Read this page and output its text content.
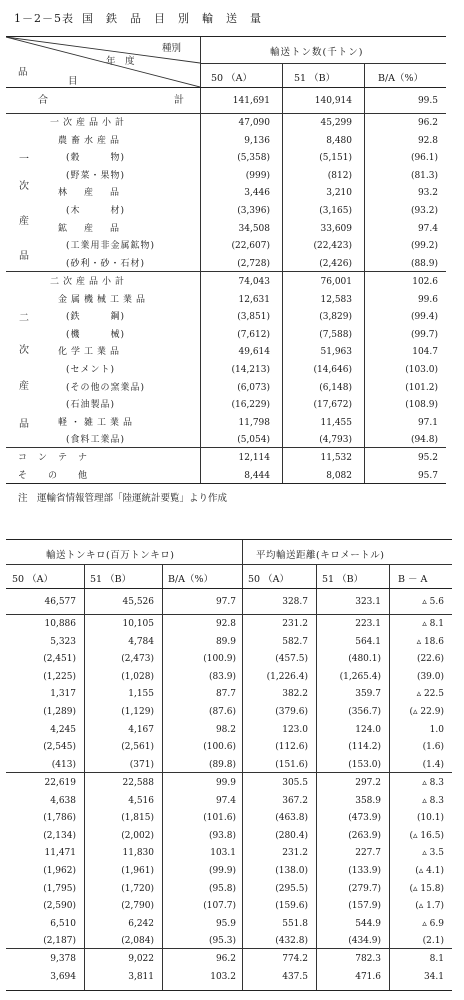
1－2－5表 国鉄品目別輸送量
種別
年　度
品
目
輸送トン数(千トン)
50 （A）	51 （B）	B/A（%）
合	計	141,691	140,914	99.5
一
次
産
品
二
次
産
品
一次産品小計	47,090	45,299	96.2
農畜水産品	9,136	8,480	92.8
(穀　　　物)	(5,358)	(5,151)	(96.1)
(野菜・果物)	(999)	(812)	(81.3)
林　産　品	3,446	3,210	93.2
(木　　　材)	(3,396)	(3,165)	(93.2)
鉱　産　品	34,508	33,609	97.4
(工業用非金属鉱物)	(22,607)	(22,423)	(99.2)
(砂利・砂・石材)	(2,728)	(2,426)	(88.9)
二次産品小計	74,043	76,001	102.6
金属機械工業品	12,631	12,583	99.6
(鉄　　　鋼)	(3,851)	(3,829)	(99.4)
(機　　　械)	(7,612)	(7,588)	(99.7)
化学工業品	49,614	51,963	104.7
(セメント)	(14,213)	(14,646)	(103.0)
(その他の窯業品)	(6,073)	(6,148)	(101.2)
(石油製品)	(16,229)	(17,672)	(108.9)
軽・雑工業品	11,798	11,455	97.1
(食料工業品)	(5,054)	(4,793)	(94.8)
コ　ン　テ　ナ	12,114	11,532	95.2
そ　　の　　他	8,444	8,082	95.7
注　運輸省情報管理部「陸運統計要覧」より作成
輸送トンキロ(百万トンキロ)	平均輸送距離(キロメートル)
50 （A）	51 （B）	B/A（%）	50 （A）	51 （B）	B － A
46,577	45,526	97.7	328.7	323.1	▵ 5.6
10,886	10,105	92.8	231.2	223.1	▵ 8.1
5,323	4,784	89.9	582.7	564.1	▵ 18.6
(2,451)	(2,473)	(100.9)	(457.5)	(480.1)	(22.6)
(1,225)	(1,028)	(83.9)	(1,226.4)	(1,265.4)	(39.0)
1,317	1,155	87.7	382.2	359.7	▵ 22.5
(1,289)	(1,129)	(87.6)	(379.6)	(356.7)	(▵ 22.9)
4,245	4,167	98.2	123.0	124.0	1.0
(2,545)	(2,561)	(100.6)	(112.6)	(114.2)	(1.6)
(413)	(371)	(89.8)	(151.6)	(153.0)	(1.4)
22,619	22,588	99.9	305.5	297.2	▵ 8.3
4,638	4,516	97.4	367.2	358.9	▵ 8.3
(1,786)	(1,815)	(101.6)	(463.8)	(473.9)	(10.1)
(2,134)	(2,002)	(93.8)	(280.4)	(263.9)	(▵ 16.5)
11,471	11,830	103.1	231.2	227.7	▵ 3.5
(1,962)	(1,961)	(99.9)	(138.0)	(133.9)	(▵ 4.1)
(1,795)	(1,720)	(95.8)	(295.5)	(279.7)	(▵ 15.8)
(2,590)	(2,790)	(107.7)	(159.6)	(157.9)	(▵ 1.7)
6,510	6,242	95.9	551.8	544.9	▵ 6.9
(2,187)	(2,084)	(95.3)	(432.8)	(434.9)	(2.1)
9,378	9,022	96.2	774.2	782.3	8.1
3,694	3,811	103.2	437.5	471.6	34.1
